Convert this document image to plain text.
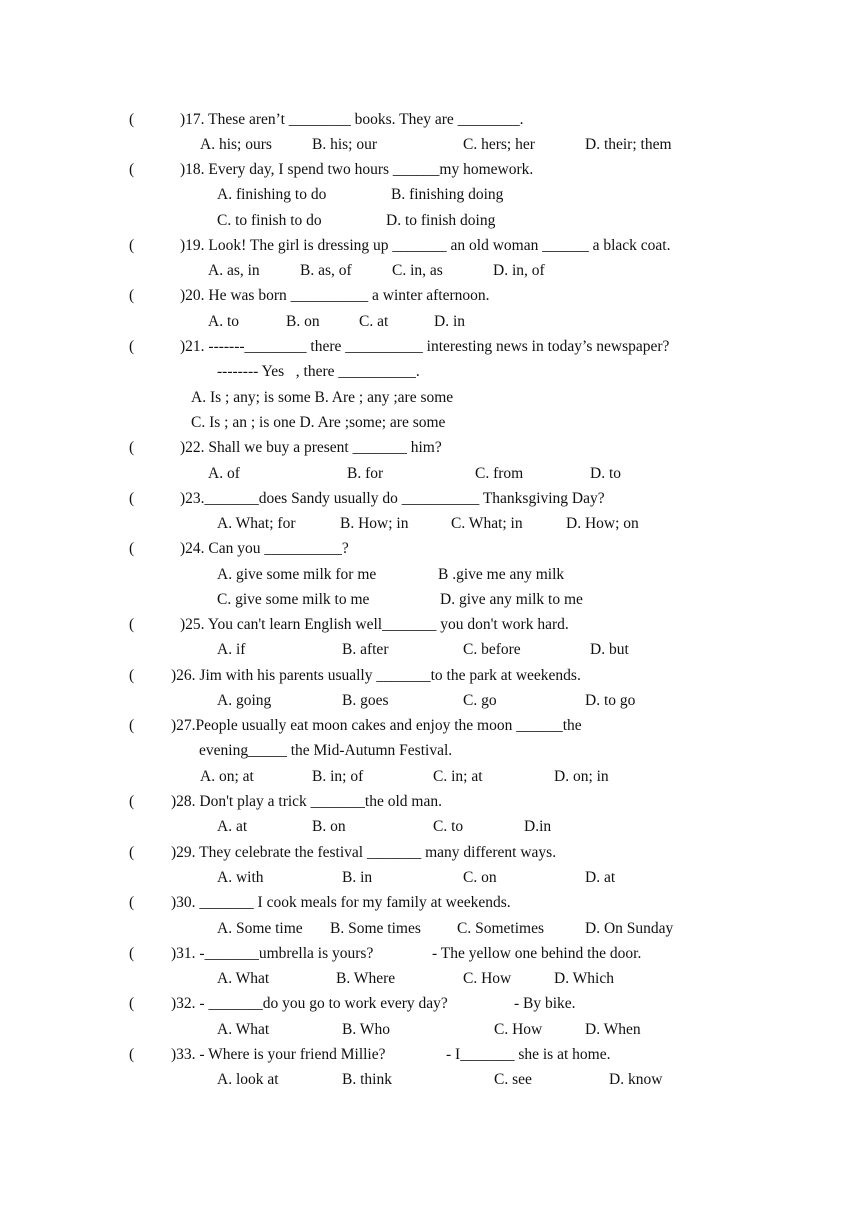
(	)17. These aren’t ________ books. They are ________.
A. his; ours	B. his; our	C. hers; her	D. their; them
(	)18. Every day, I spend two hours ______my homework.
A. finishing to do	B. finishing doing
C. to finish to do	D. to finish doing
(	)19. Look! The girl is dressing up _______ an old woman ______ a black coat.
A. as, in	B. as, of	C. in, as	D. in, of
(	)20. He was born __________ a winter afternoon.
A. to	B. on	C. at	D. in
(	)21. -------________ there __________ interesting news in today’s newspaper?
-------- Yes   , there __________.
A. Is ; any; is some B. Are ; any ;are some
C. Is ; an ; is one D. Are ;some; are some
(	)22. Shall we buy a present _______ him?
A. of	B. for	C. from	D. to
(	)23._______does Sandy usually do __________ Thanksgiving Day?
A. What; for	B. How; in	C. What; in	D. How; on
(	)24. Can you __________?
A. give some milk for me	B .give me any milk
C. give some milk to me	D. give any milk to me
(	)25. You can't learn English well_______ you don't work hard.
A. if	B. after	C. before	D. but
( )26. Jim with his parents usually _______to the park at weekends.
A. going	B. goes	C. go	D. to go
( )27.People usually eat moon cakes and enjoy the moon ______the
evening_____ the Mid-Autumn Festival.
A. on; at	B. in; of	C. in; at	D. on; in
( )28. Don't play a trick _______the old man.
A. at	B. on	C. to	D.in
( )29. They celebrate the festival _______ many different ways.
A. with	B. in	C. on	D. at
( )30. _______ I cook meals for my family at weekends.
A. Some time B. Some times C. Sometimes	D. On Sunday
( )31. -_______umbrella is yours?	- The yellow one behind the door.
A. What	B. Where	C. How	D. Which
( )32. - _______do you go to work every day?	- By bike.
A. What	B. Who	C. How	D. When
( )33. - Where is your friend Millie?	- I_______ she is at home.
A. look at	B. think	C. see	D. know
